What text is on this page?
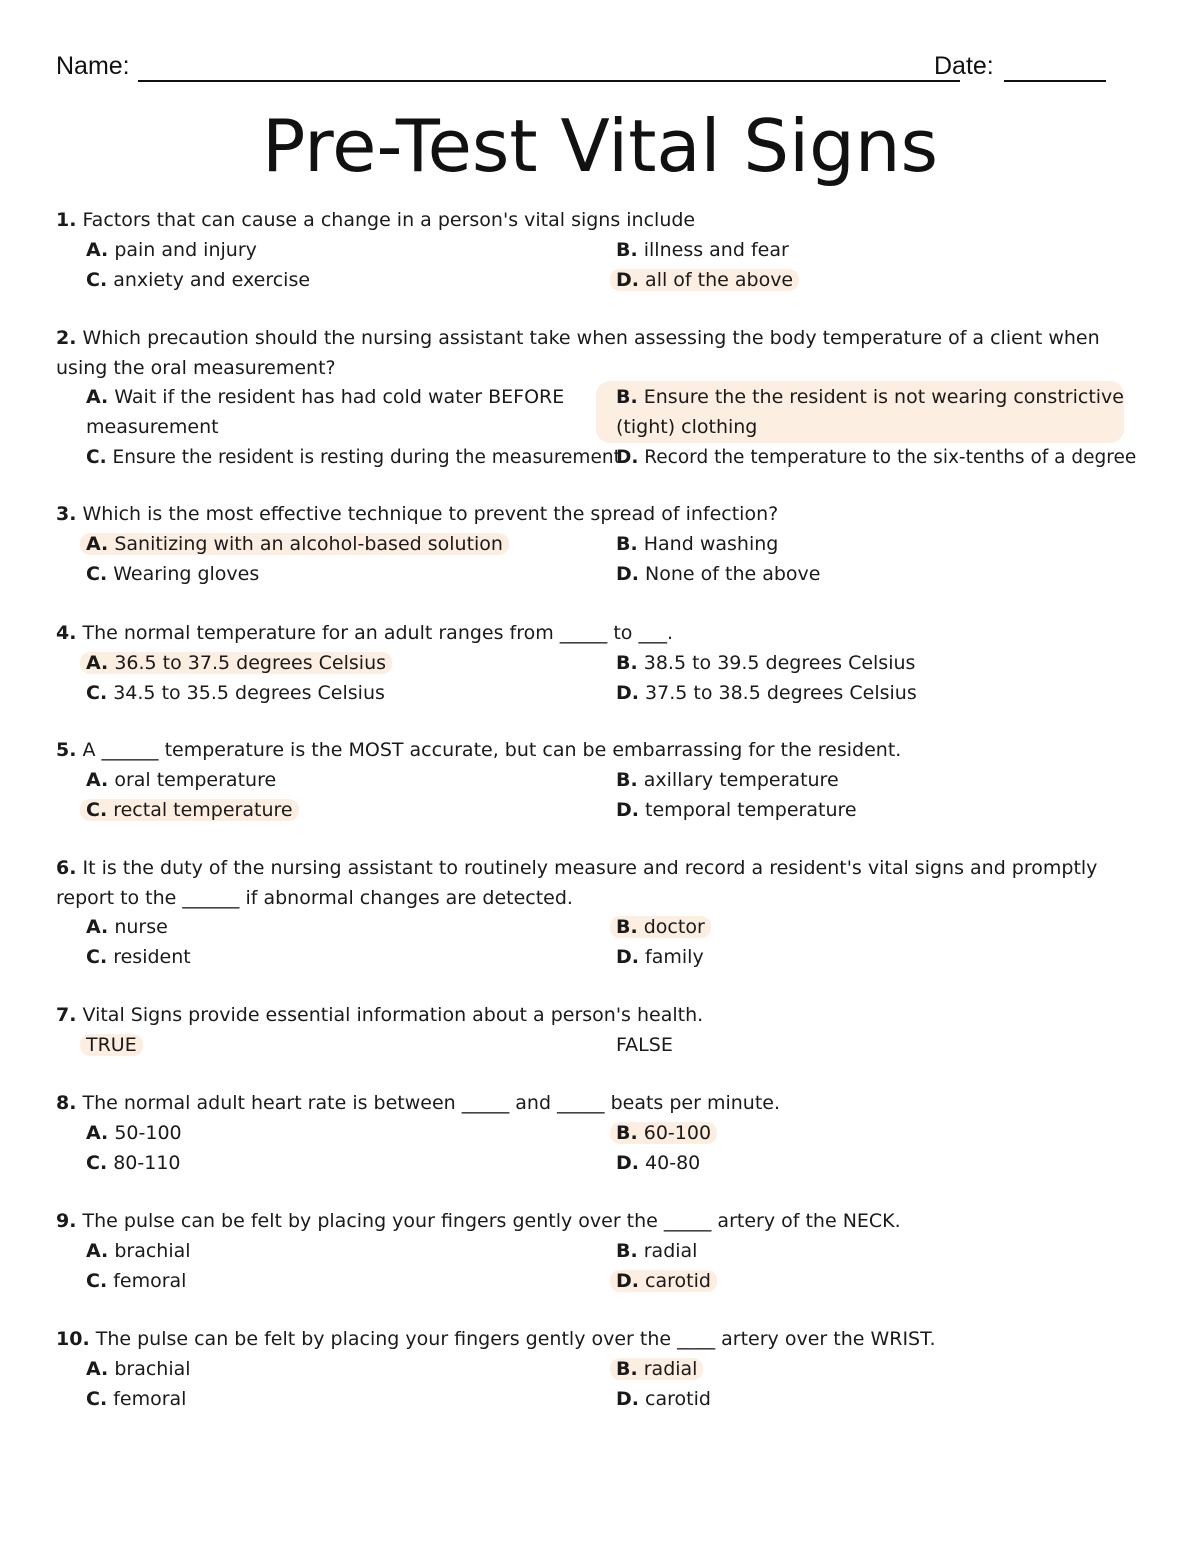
Name:	Date:
Pre-Test Vital Signs

1. Factors that can cause a change in a person's vital signs include

A. pain and injury	B. illness and fear
C. anxiety and exercise	D. all of the above

2. Which precaution should the nursing assistant take when assessing the body temperature of a client when using the oral measurement?

A. Wait if the resident has had cold water BEFORE measurement
B. Ensure the the resident is not wearing constrictive (tight) clothing
C. Ensure the resident is resting during the measurement
D. Record the temperature to the six-tenths of a degree

3. Which is the most effective technique to prevent the spread of infection?

A. Sanitizing with an alcohol-based solution	B. Hand washing
C. Wearing gloves	D. None of the above

4. The normal temperature for an adult ranges from _____ to ___.

A. 36.5 to 37.5 degrees Celsius	B. 38.5 to 39.5 degrees Celsius
C. 34.5 to 35.5 degrees Celsius	D. 37.5 to 38.5 degrees Celsius

5. A ______ temperature is the MOST accurate, but can be embarrassing for the resident.

A. oral temperature	B. axillary temperature
C. rectal temperature	D. temporal temperature

6. It is the duty of the nursing assistant to routinely measure and record a resident's vital signs and promptly report to the ______ if abnormal changes are detected.

A. nurse	B. doctor
C. resident	D. family

7. Vital Signs provide essential information about a person's health.

TRUE	FALSE

8. The normal adult heart rate is between _____ and _____ beats per minute.

A. 50-100	B. 60-100
C. 80-110	D. 40-80

9. The pulse can be felt by placing your fingers gently over the _____ artery of the NECK.

A. brachial	B. radial
C. femoral	D. carotid

10. The pulse can be felt by placing your fingers gently over the ____ artery over the WRIST.

A. brachial	B. radial
C. femoral	D. carotid
